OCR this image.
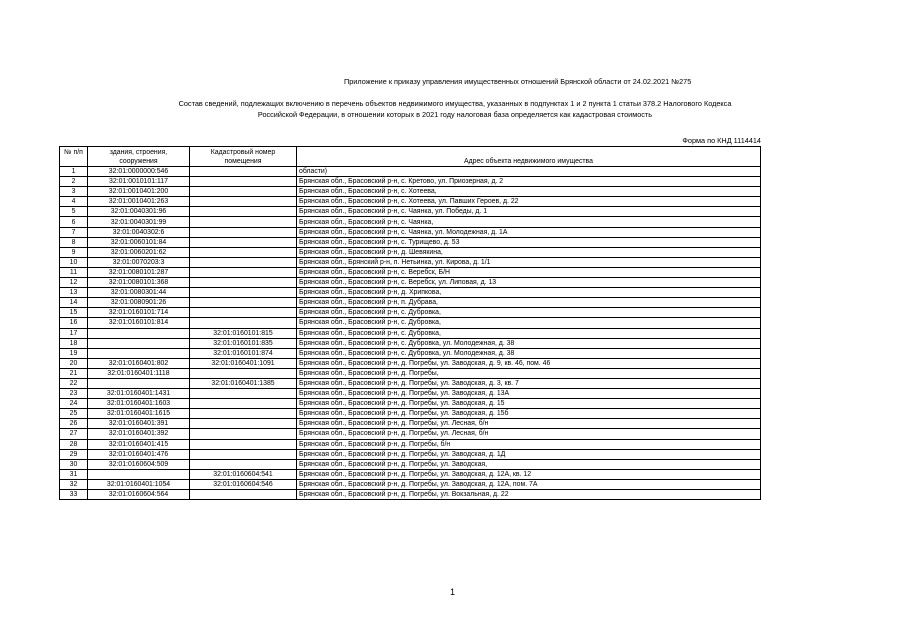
Приложение к приказу управления имущественных отношений Брянской области от 24.02.2021 №275
Состав сведений, подлежащих включению в перечень объектов недвижимого имущества, указанных в подпунктах 1 и 2 пункта 1 статьи 378.2 Налогового Кодекса
Российской Федерации, в отношении которых в 2021 году налоговая база определяется как кадастровая стоимость
Форма по КНД 1114414
№ п/п	здания, строения, сооружения	Кадастровый номер помещения	Адрес объекта недвижимого имущества
1	32:01:0000000:546		области)
2	32:01:0010101:117		Брянская обл., Брасовский р-н, с. Кретово, ул. Приозерная, д. 2
3	32:01:0010401:200		Брянская обл., Брасовский р-н, с. Хотеева,
4	32:01:0010401:263		Брянская обл., Брасовский р-н, с. Хотеева, ул. Павших Героев, д. 22
5	32:01:0040301:96		Брянская обл., Брасовский р-н, с. Чаянка, ул. Победы, д. 1
6	32:01:0040301:99		Брянская обл., Брасовский р-н, с. Чаянка,
7	32:01:0040302:6		Брянская обл., Брасовский р-н, с. Чаянка, ул. Молодежная, д. 1А
8	32:01:0060101:84		Брянская обл., Брасовский р-н, с. Турищево, д. 53
9	32:01:0060201:62		Брянская обл., Брасовский р-н, д. Шевякина,
10	32:01:0070203:3		Брянская обл., Брянский р-н, п. Нетьинка, ул. Кирова, д. 1/1
11	32:01:0080101:287		Брянская обл., Брасовский р-н, с. Веребск, Б/Н
12	32:01:0080101:368		Брянская обл., Брасовский р-н, с. Веребск, ул. Липовая, д. 13
13	32:01:0080301:44		Брянская обл., Брасовский р-н, д. Хрипкова,
14	32:01:0080901:26		Брянская обл., Брасовский р-н, п. Дубрава,
15	32:01:0160101:714		Брянская обл., Брасовский р-н, с. Дубровка,
16	32:01:0160101:814		Брянская обл., Брасовский р-н, с. Дубровка,
17		32:01:0160101:815	Брянская обл., Брасовский р-н, с. Дубровка,
18		32:01:0160101:835	Брянская обл., Брасовский р-н, с. Дубровка, ул. Молодежная, д. 38
19		32:01:0160101:874	Брянская обл., Брасовский р-н, с. Дубровка, ул. Молодежная, д. 38
20	32:01:0160401:802	32:01:0160401:1091	Брянская обл., Брасовский р-н, д. Погребы, ул. Заводская, д. 9, кв. 46, пом. 46
21	32:01:0160401:1118		Брянская обл., Брасовский р-н, д. Погребы,
22		32:01:0160401:1385	Брянская обл., Брасовский р-н, д. Погребы, ул. Заводская, д. 3, кв. 7
23	32:01:0160401:1431		Брянская обл., Брасовский р-н, д. Погребы, ул. Заводская, д. 13А
24	32:01:0160401:1603		Брянская обл., Брасовский р-н, д. Погребы, ул. Заводская, д. 15
25	32:01:0160401:1615		Брянская обл., Брасовский р-н, д. Погребы, ул. Заводская, д. 15б
26	32:01:0160401:391		Брянская обл., Брасовский р-н, д. Погребы, ул. Лесная, б/н
27	32:01:0160401:392		Брянская обл., Брасовский р-н, д. Погребы, ул. Лесная, б/н
28	32:01:0160401:415		Брянская обл., Брасовский р-н, д. Погребы, б/н
29	32:01:0160401:476		Брянская обл., Брасовский р-н, д. Погребы, ул. Заводская, д. 1Д
30	32:01:0160604:509		Брянская обл., Брасовский р-н, д. Погребы, ул. Заводская,
31		32:01:0160604:541	Брянская обл., Брасовский р-н, д. Погребы, ул. Заводская, д. 12А, кв. 12
32	32:01:0160401:1054	32:01:0160604:546	Брянская обл., Брасовский р-н, д. Погребы, ул. Заводская, д. 12А, пом. 7А
33	32:01:0160604:564		Брянская обл., Брасовский р-н, д. Погребы, ул. Вокзальная, д. 22
1
